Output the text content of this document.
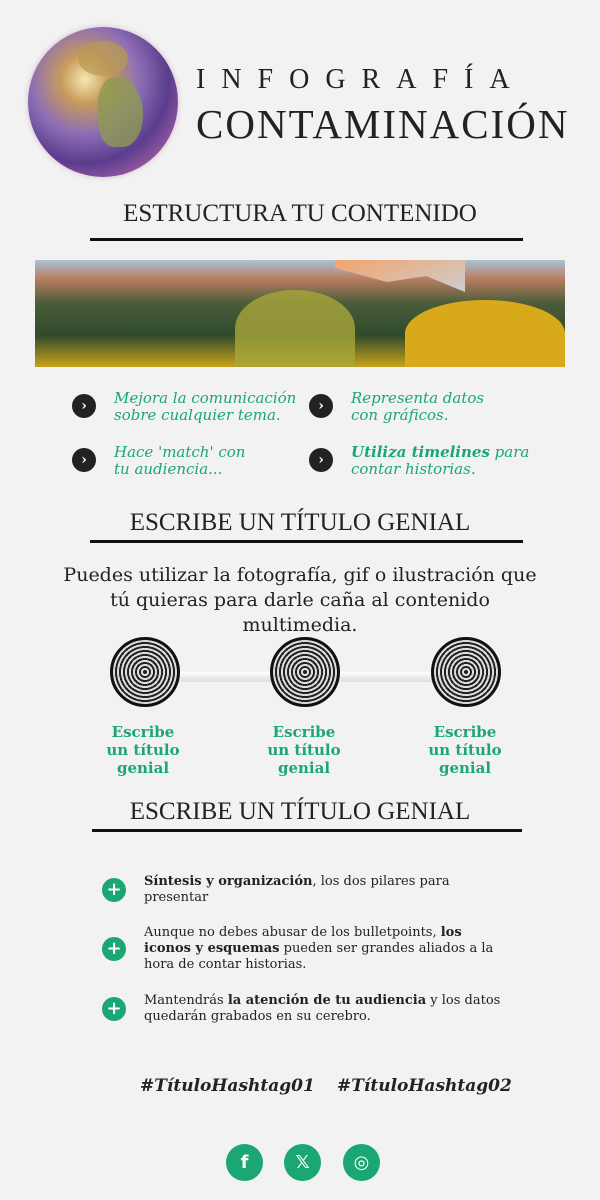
INFOGRAFÍA
CONTAMINACIÓN
ESTRUCTURA TU CONTENIDO
›	Mejora la comunicación
sobre cualquier tema.
›	Representa datos
con gráficos.
›	Hace 'match' con
tu audiencia...
›	Utiliza timelines para
contar historias.
ESCRIBE UN TÍTULO GENIAL
Puedes utilizar la fotografía, gif o ilustración que tú quieras para darle caña al contenido multimedia.
Escribe
un título
genial
Escribe
un título
genial
Escribe
un título
genial
ESCRIBE UN TÍTULO GENIAL
+	Síntesis y organización, los dos pilares para presentar
+
Aunque no debes abusar de los bulletpoints, los iconos y esquemas pueden ser grandes aliados a la hora de contar historias.
+	Mantendrás la atención de tu audiencia y los datos quedarán grabados en su cerebro.
#TítuloHashtag01 #TítuloHashtag02
f	𝕏	◎
